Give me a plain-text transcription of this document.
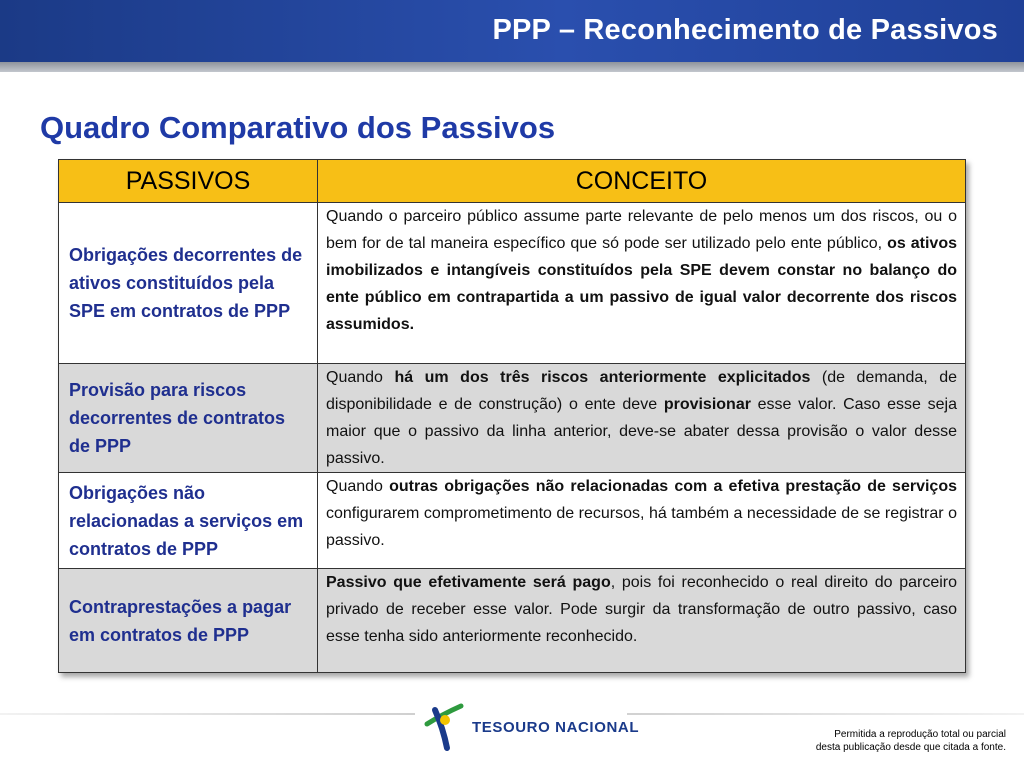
PPP – Reconhecimento de Passivos
Quadro Comparativo dos Passivos
PASSIVOS	CONCEITO
Obrigações decorrentes de ativos constituídos pela SPE em contratos de PPP	Quando o parceiro público assume parte relevante de pelo menos um dos riscos, ou o bem for de tal maneira específico que só pode ser utilizado pelo ente público, os ativos imobilizados e intangíveis constituídos pela SPE devem constar no balanço do ente público em contrapartida a um passivo de igual valor decorrente dos riscos assumidos.
Provisão para riscos decorrentes de contratos de PPP	Quando há um dos três riscos anteriormente explicitados (de demanda, de disponibilidade e de construção) o ente deve provisionar esse valor. Caso esse seja maior que o passivo da linha anterior, deve-se abater dessa provisão o valor desse passivo.
Obrigações não relacionadas a serviços em contratos de PPP	Quando outras obrigações não relacionadas com a efetiva prestação de serviços configurarem comprometimento de recursos, há também a necessidade de se registrar o passivo.
Contraprestações a pagar em contratos de PPP	Passivo que efetivamente será pago, pois foi reconhecido o real direito do parceiro privado de receber esse valor. Pode surgir da transformação de outro passivo, caso esse tenha sido anteriormente reconhecido.
TESOURO NACIONAL	Permitida a reprodução total ou parcial
desta publicação desde que citada a fonte.
